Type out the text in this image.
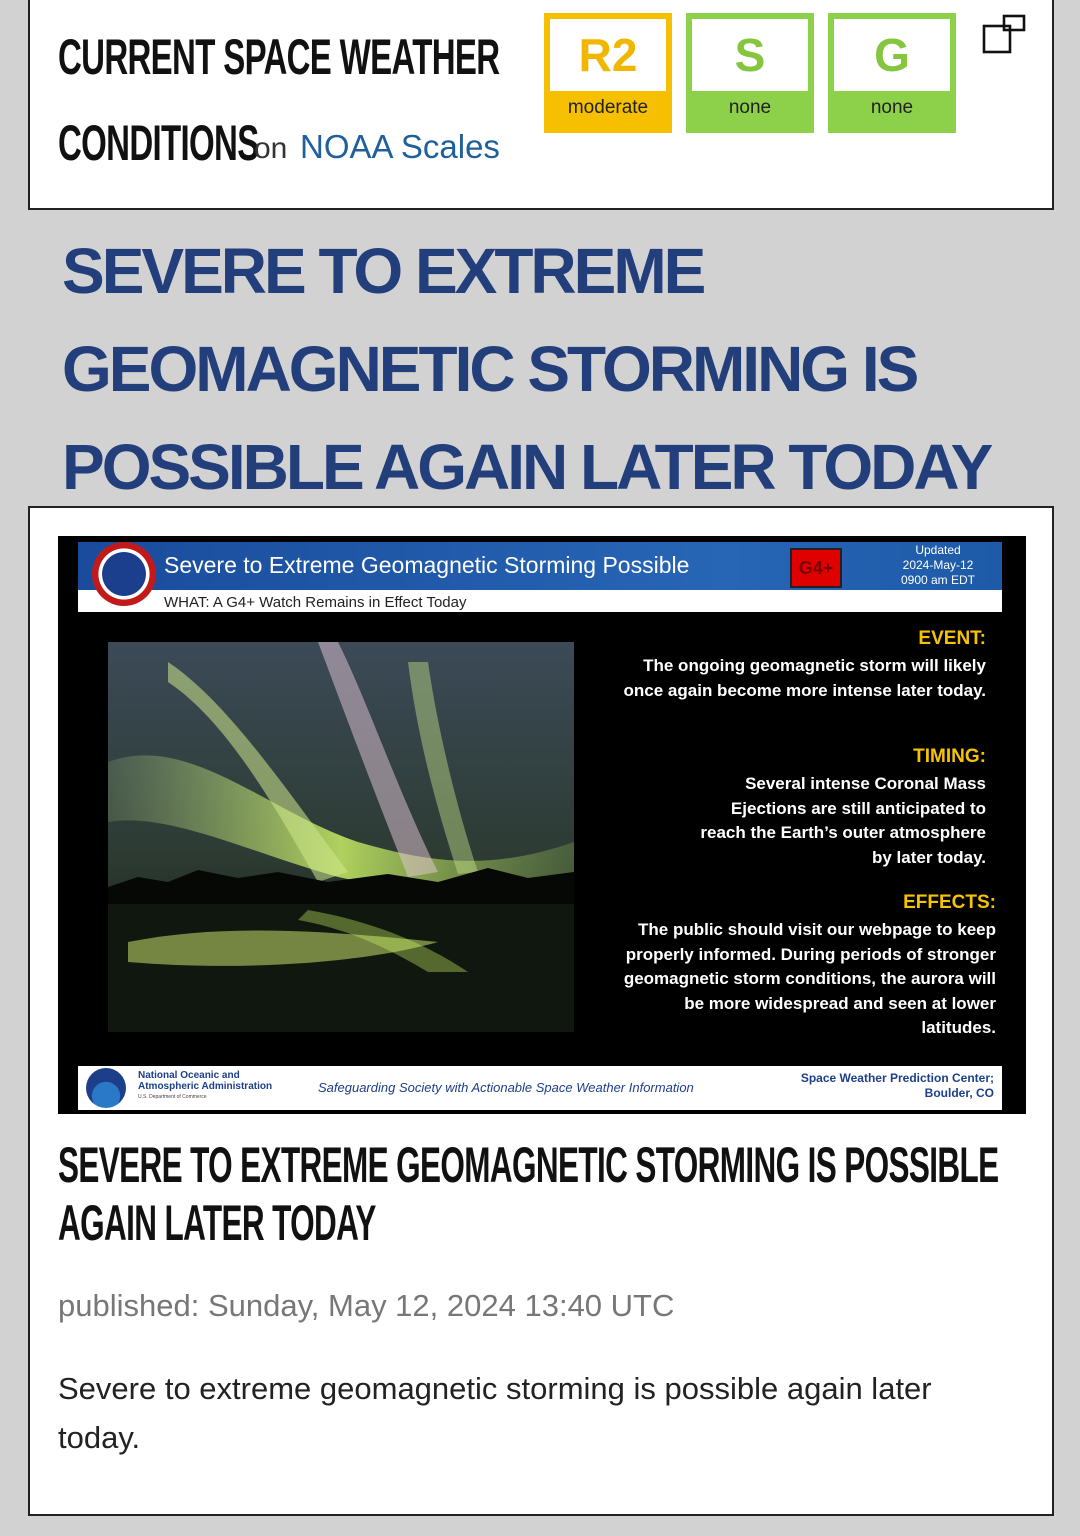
CURRENT SPACE WEATHER
CONDITIONS
on NOAA Scales
R2
moderate
S
none
G
none
SEVERE TO EXTREME
GEOMAGNETIC STORMING IS
POSSIBLE AGAIN LATER TODAY
Severe to Extreme Geomagnetic Storming Possible	G4+
Updated
2024-May-12
0900 am EDT
WHAT: A G4+ Watch Remains in Effect Today
EVENT:
The ongoing geomagnetic storm will likely once again become more intense later today.
TIMING:
Several intense Coronal Mass Ejections are still anticipated to reach the Earth’s outer atmosphere by later today.
EFFECTS:
The public should visit our webpage to keep properly informed. During periods of stronger geomagnetic storm conditions, the aurora will be more widespread and seen at lower latitudes.
National Oceanic and
Atmospheric Administration
U.S. Department of Commerce
Safeguarding Society with Actionable Space Weather Information
Space Weather Prediction Center;
Boulder, CO
SEVERE TO EXTREME GEOMAGNETIC STORMING IS POSSIBLE
AGAIN LATER TODAY
published: Sunday, May 12, 2024 13:40 UTC
Severe to extreme geomagnetic storming is possible again later today.
